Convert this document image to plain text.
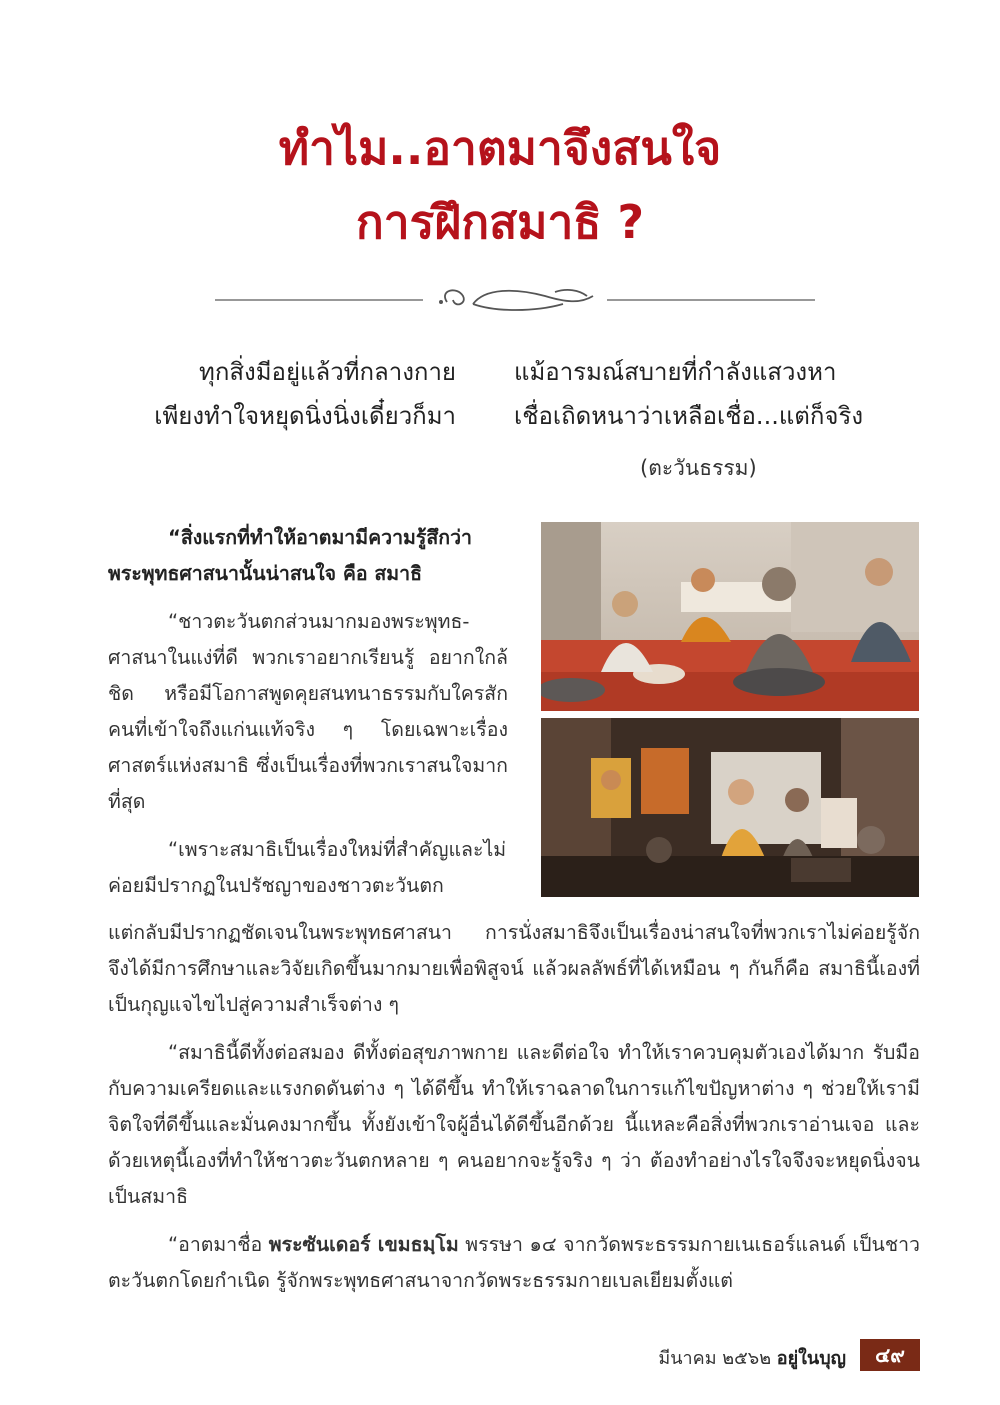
ทำไม..อาตมาจึงสนใจ
การฝึกสมาธิ ?
ทุกสิ่งมีอยู่แล้วที่กลางกาย
เพียงทำใจหยุดนิ่งนิ่งเดี๋ยวก็มา
แม้อารมณ์สบายที่กำลังแสวงหา
เชื่อเถิดหนาว่าเหลือเชื่อ...แต่ก็จริง
(ตะวันธรรม)

“สิ่งแรกที่ทำให้อาตมามีความรู้สึกว่า พระพุทธศาสนานั้นน่าสนใจ คือ สมาธิ

“ชาวตะวันตกส่วนมากมองพระพุทธ-ศาสนาในแง่ที่ดี พวกเราอยากเรียนรู้ อยากใกล้ชิด หรือมีโอกาสพูดคุยสนทนาธรรมกับใครสักคนที่เข้าใจถึงแก่นแท้จริง ๆ โดยเฉพาะเรื่องศาสตร์แห่งสมาธิ ซึ่งเป็นเรื่องที่พวกเราสนใจมากที่สุด

“เพราะสมาธิเป็นเรื่องใหม่ที่สำคัญและไม่ค่อยมีปรากฏในปรัชญาของชาวตะวันตก

แต่กลับมีปรากฏชัดเจนในพระพุทธศาสนา การนั่งสมาธิจึงเป็นเรื่องน่าสนใจที่พวกเราไม่ค่อยรู้จัก จึงได้มีการศึกษาและวิจัยเกิดขึ้นมากมายเพื่อพิสูจน์ แล้วผลลัพธ์ที่ได้เหมือน ๆ กันก็คือ สมาธินี้เองที่เป็นกุญแจไขไปสู่ความสำเร็จต่าง ๆ

“สมาธินี้ดีทั้งต่อสมอง ดีทั้งต่อสุขภาพกาย และดีต่อใจ ทำให้เราควบคุมตัวเองได้มาก รับมือกับความเครียดและแรงกดดันต่าง ๆ ได้ดีขึ้น ทำให้เราฉลาดในการแก้ไขปัญหาต่าง ๆ ช่วยให้เรามีจิตใจที่ดีขึ้นและมั่นคงมากขึ้น ทั้งยังเข้าใจผู้อื่นได้ดีขึ้นอีกด้วย นี้แหละคือสิ่งที่พวกเราอ่านเจอ และด้วยเหตุนี้เองที่ทำให้ชาวตะวันตกหลาย ๆ คนอยากจะรู้จริง ๆ ว่า ต้องทำอย่างไรใจจึงจะหยุดนิ่งจนเป็นสมาธิ

“อาตมาชื่อ พระซันเดอร์ เขมธมฺโม พรรษา ๑๔ จากวัดพระธรรมกายเนเธอร์แลนด์ เป็นชาวตะวันตกโดยกำเนิด รู้จักพระพุทธศาสนาจากวัดพระธรรมกายเบลเยียมตั้งแต่

มีนาคม ๒๕๖๒ อยู่ในบุญ	๔๙
